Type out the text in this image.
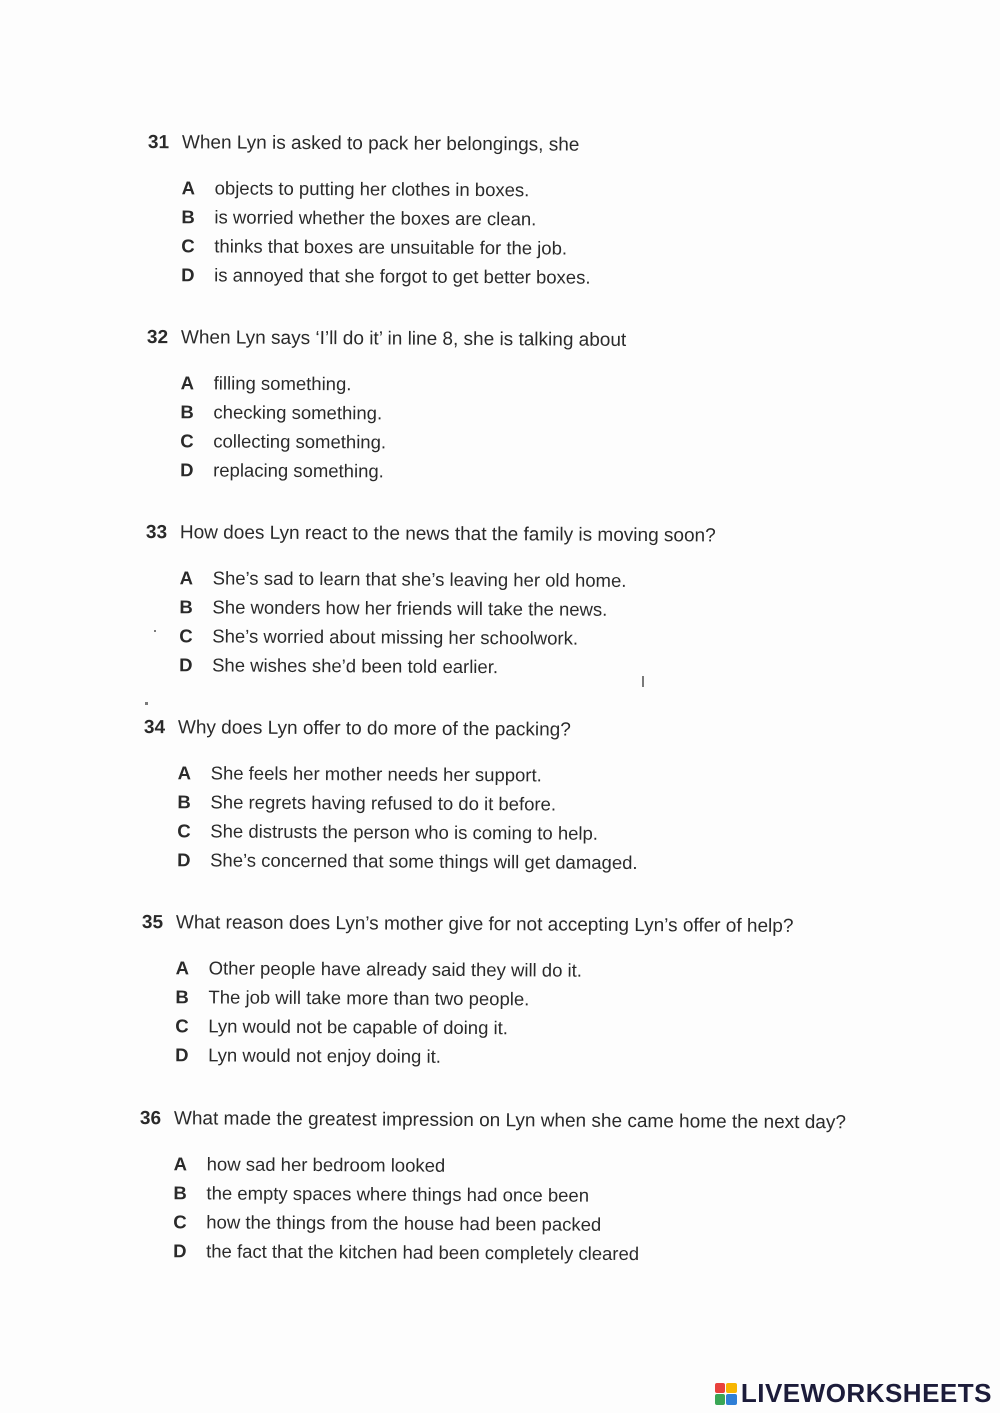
31 When Lyn is asked to pack her belongings, she
A	objects to putting her clothes in boxes.
B	is worried whether the boxes are clean.
C	thinks that boxes are unsuitable for the job.
D	is annoyed that she forgot to get better boxes.
32 When Lyn says ‘I’ll do it’ in line 8, she is talking about
A	filling something.
B	checking something.
C	collecting something.
D	replacing something.
33 How does Lyn react to the news that the family is moving soon?
A	She’s sad to learn that she’s leaving her old home.
B	She wonders how her friends will take the news.
C	She’s worried about missing her schoolwork.
D	She wishes she’d been told earlier.
34 Why does Lyn offer to do more of the packing?
A	She feels her mother needs her support.
B	She regrets having refused to do it before.
C	She distrusts the person who is coming to help.
D	She’s concerned that some things will get damaged.
35 What reason does Lyn’s mother give for not accepting Lyn’s offer of help?
A	Other people have already said they will do it.
B	The job will take more than two people.
C	Lyn would not be capable of doing it.
D	Lyn would not enjoy doing it.
36 What made the greatest impression on Lyn when she came home the next day?
A	how sad her bedroom looked
B	the empty spaces where things had once been
C	how the things from the house had been packed
D	the fact that the kitchen had been completely cleared
LIVEWORKSHEETS
